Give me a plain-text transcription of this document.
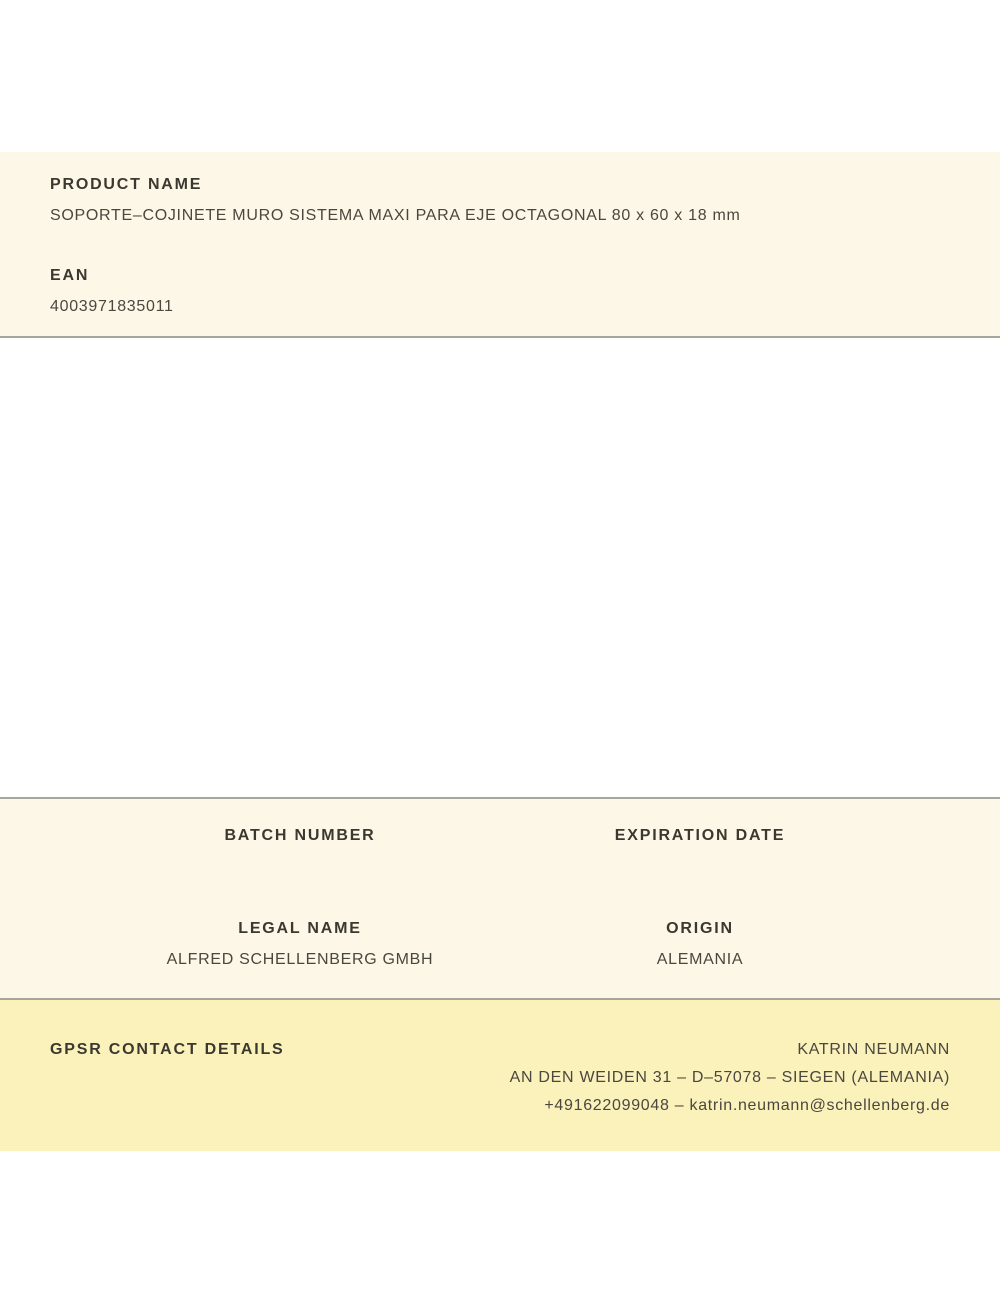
PRODUCT NAME
SOPORTE–COJINETE MURO SISTEMA MAXI PARA EJE OCTAGONAL 80 x 60 x 18 mm
EAN
4003971835011
BATCH NUMBER	EXPIRATION DATE
LEGAL NAME
ALFRED SCHELLENBERG GMBH
ORIGIN
ALEMANIA
GPSR CONTACT DETAILS	KATRIN NEUMANN
AN DEN WEIDEN 31 – D–57078 – SIEGEN (ALEMANIA)
+491622099048 – katrin.neumann@schellenberg.de
